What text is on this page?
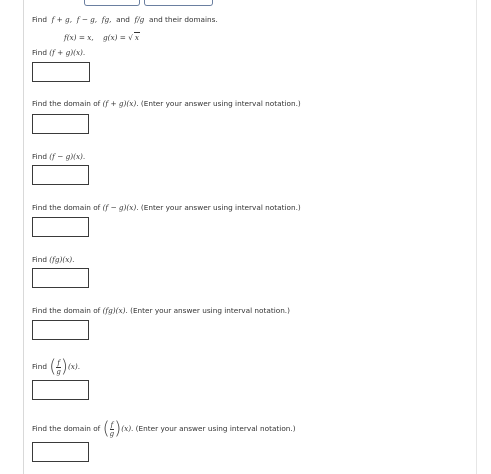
Find f + g, f − g, fg, and f/g and their domains.
f(x) = x, g(x) = √ x
Find (f + g)(x).
Find the domain of (f + g)(x). (Enter your answer using interval notation.)
Find (f − g)(x).
Find the domain of (f − g)(x). (Enter your answer using interval notation.)
Find (fg)(x).
Find the domain of (fg)(x). (Enter your answer using interval notation.)
Find ( $\frac{f}{g} )(x)$.
Find the domain of ( $\frac{f}{g} )(x)$. (Enter your answer using interval notation.)
